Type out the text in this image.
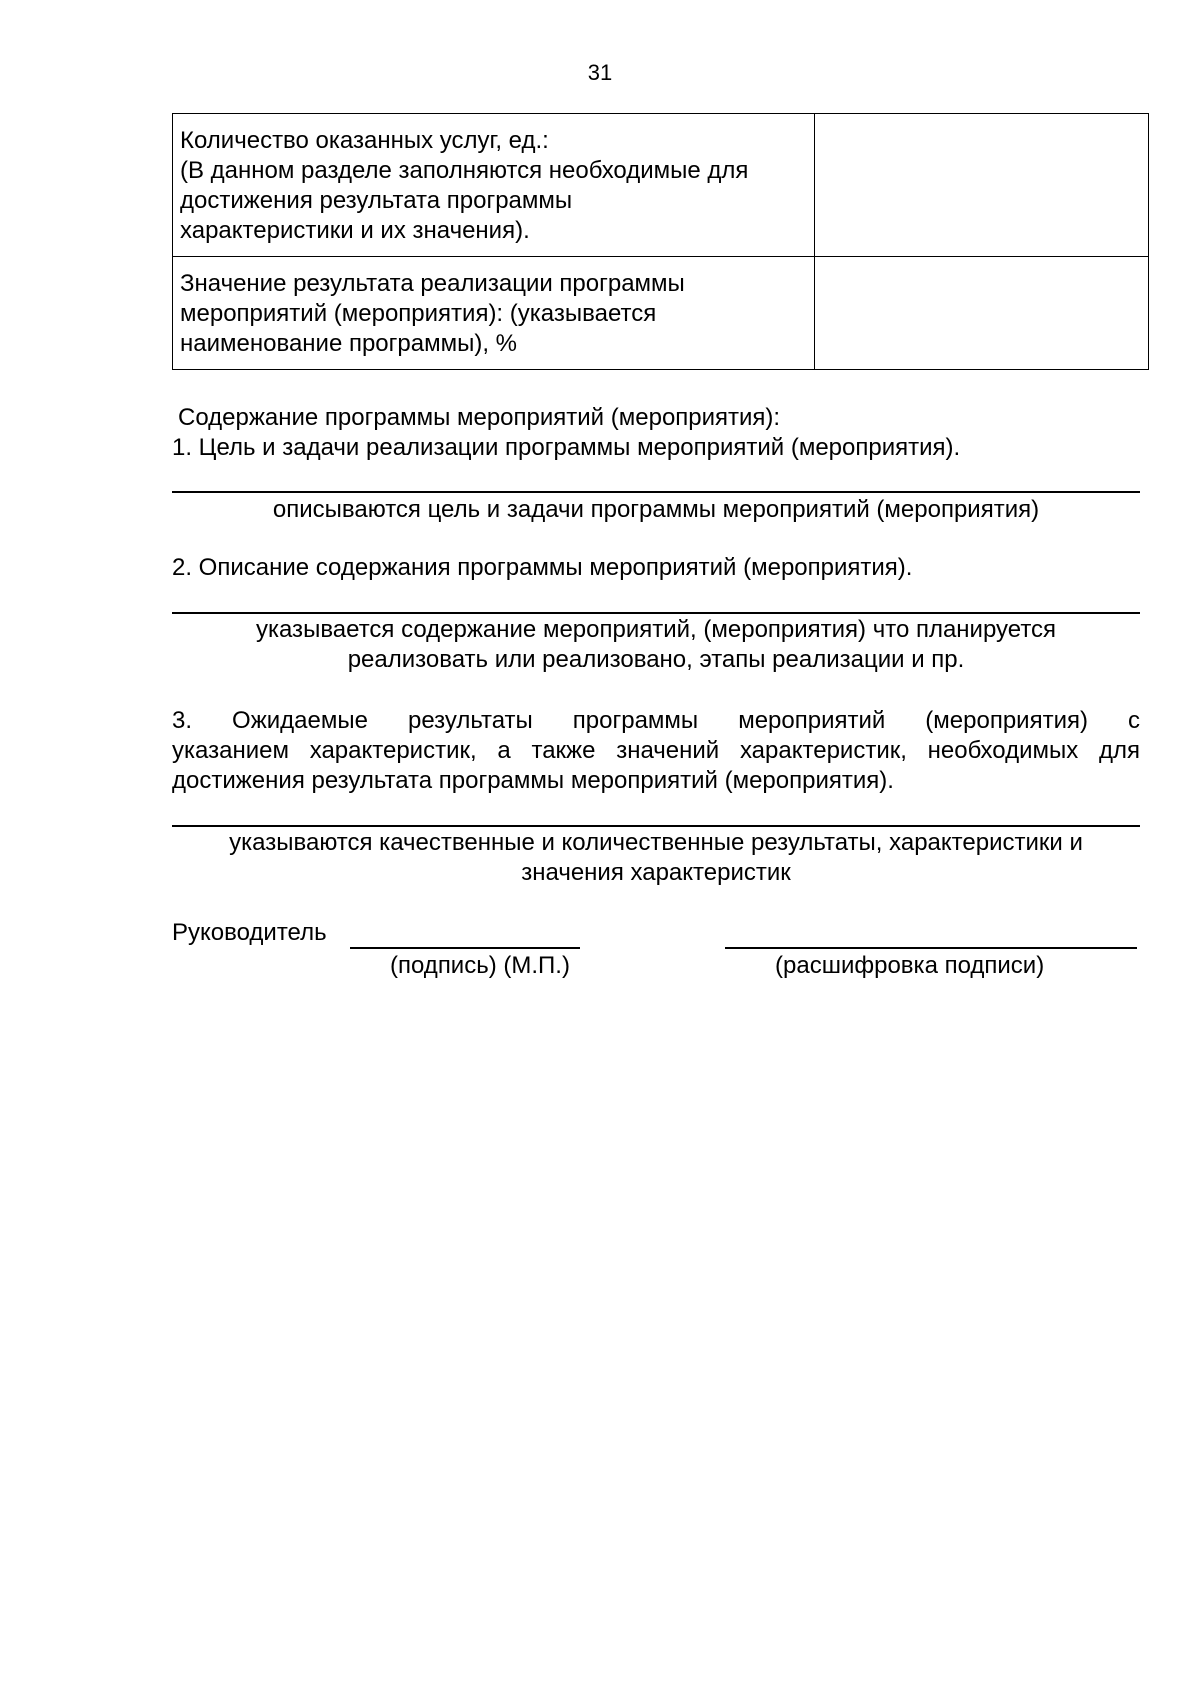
31
Количество оказанных услуг, ед.:
(В данном разделе заполняются необходимые для
достижения результата программы
характеристики и их значения).	

Значение результата реализации программы
мероприятий (мероприятия): (указывается
наименование программы), %	

Содержание программы мероприятий (мероприятия):
1. Цель и задачи реализации программы мероприятий (мероприятия).
описываются цель и задачи программы мероприятий (мероприятия)
2. Описание содержания программы мероприятий (мероприятия).
указывается содержание мероприятий, (мероприятия) что планируется
реализовать или реализовано, этапы реализации и пр.

3. Ожидаемые результаты программы мероприятий (мероприятия) с

указанием характеристик, а также значений характеристик, необходимых для

достижения результата программы мероприятий (мероприятия).

указываются качественные и количественные результаты, характеристики и
значения характеристик
Руководитель
(подпись) (М.П.)	(расшифровка подписи)
